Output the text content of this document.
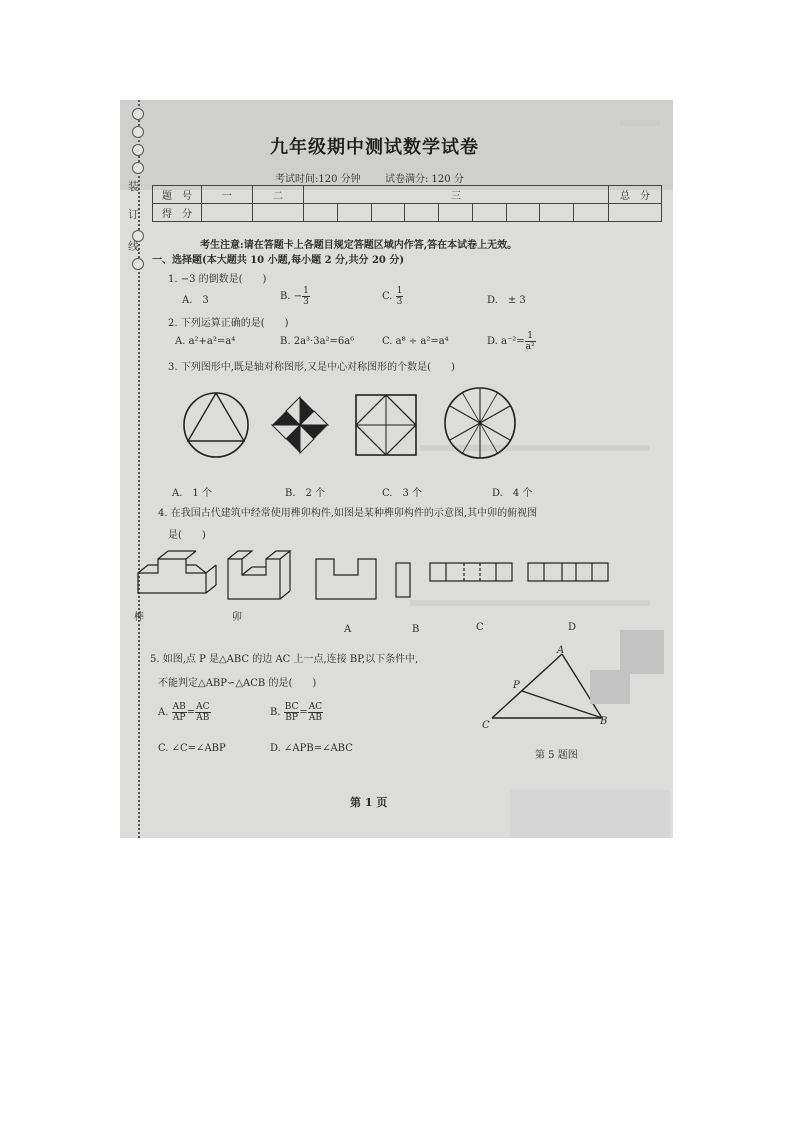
装
订
线
九年级期中测试数学试卷
考试时间:120 分钟 试卷满分: 120 分
题　号	一	二	三									总　分
得　分												
考生注意:请在答题卡上各题目规定答题区域内作答,答在本试卷上无效。
一、选择题(本大题共 10 小题,每小题 2 分,共分 20 分)
1. −3 的倒数是(　　)
A.　3	B. − $\frac{1}{3}$	C. $\frac{1}{3}$	D.　± 3
2. 下列运算正确的是(　　)
A. a²+a²=a⁴	B. 2a³·3a²=6a⁶	C. a⁸ ÷ a²=a⁴	D. $a^{-2}= \frac{1}{\text{a²}}$
3. 下列图形中,既是轴对称图形,又是中心对称图形的个数是(　　)
A.　1 个	B.　2 个	C.　3 个	D.　4 个
4. 在我国古代建筑中经常使用榫卯构件,如图是某种榫卯构件的示意图,其中卯的俯视图
是(　　)
榫	卯
A	B	C	D
5. 如图,点 P 是△ABC 的边 AC 上一点,连接 BP,以下条件中,
不能判定△ABP∽△ACB 的是(　　)
A. $\frac{AB}{AP} = \frac{AC}{AB}$	B. $\frac{BC}{BP} = \frac{AC}{AB}$
C. ∠C=∠ABP	D. ∠APB=∠ABC
A
P
C	B
第 5 题图
第 1 页
